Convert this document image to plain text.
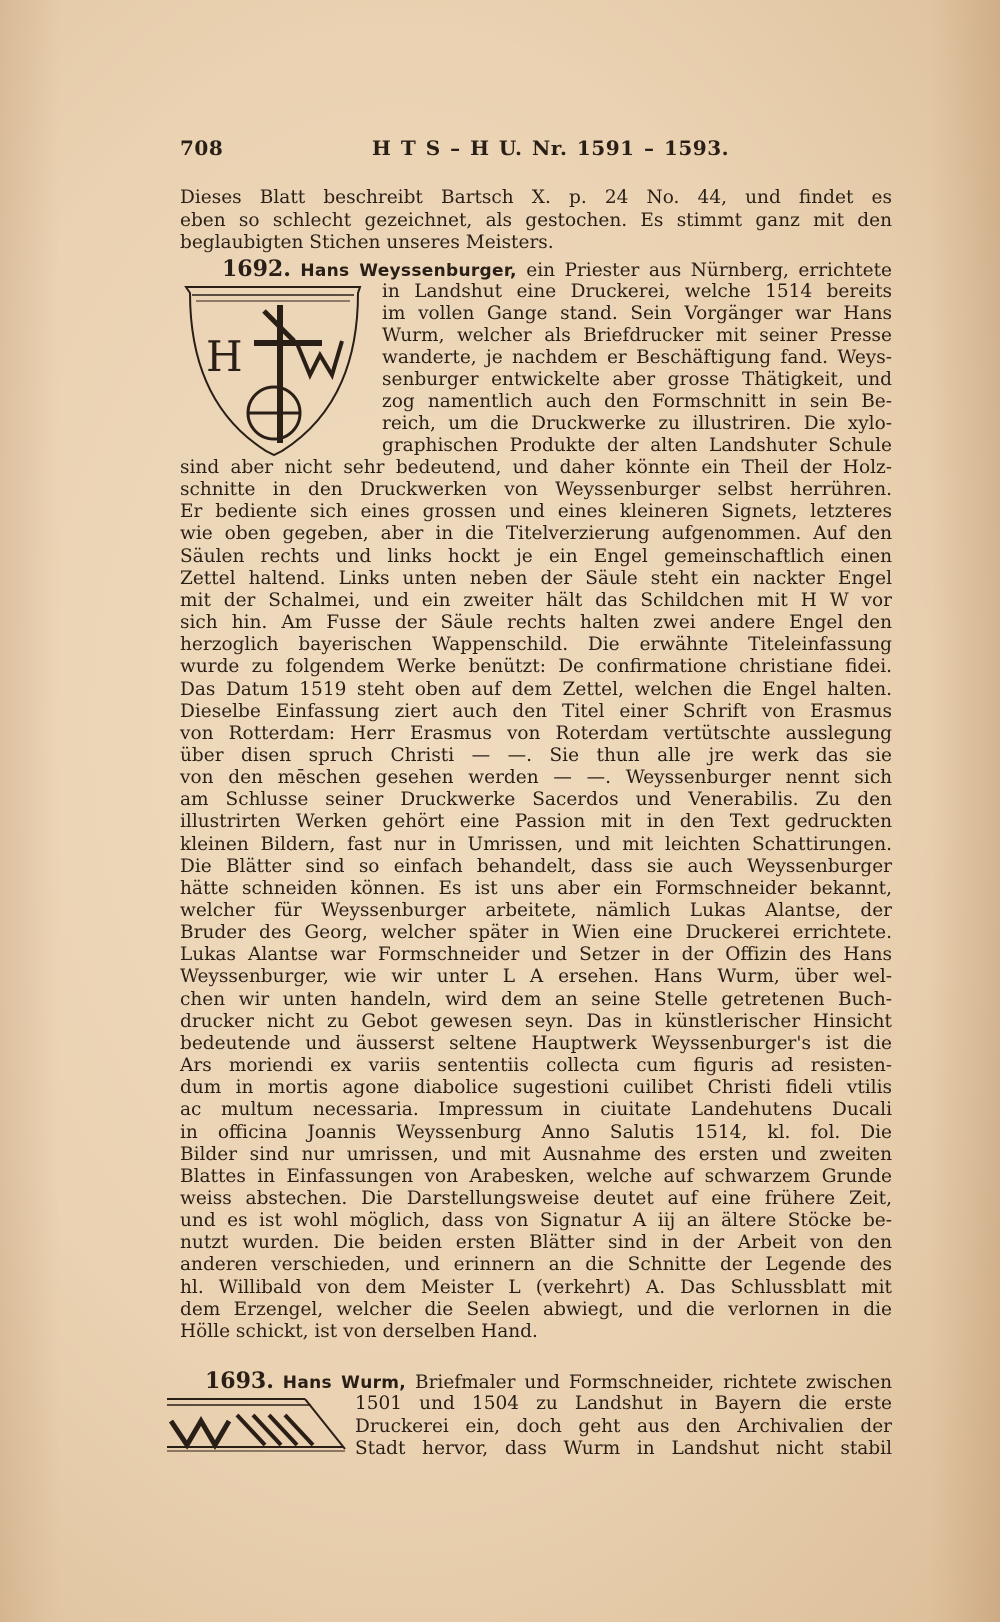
708	H T S – H U. Nr. 1591 – 1593.
Dieses Blatt beschreibt Bartsch X. p. 24 No. 44, und findet es
eben so schlecht gezeichnet, als gestochen. Es stimmt ganz mit den
beglaubigten Stichen unseres Meisters.
1692. Hans Weyssenburger, ein Priester aus Nürnberg, errichtete
H
in Landshut eine Druckerei, welche 1514 bereits
im vollen Gange stand. Sein Vorgänger war Hans
Wurm, welcher als Briefdrucker mit seiner Presse
wanderte, je nachdem er Beschäftigung fand. Weys-
senburger entwickelte aber grosse Thätigkeit, und
zog namentlich auch den Formschnitt in sein Be-
reich, um die Druckwerke zu illustriren. Die xylo-
graphischen Produkte der alten Landshuter Schule
sind aber nicht sehr bedeutend, und daher könnte ein Theil der Holz-
schnitte in den Druckwerken von Weyssenburger selbst herrühren.
Er bediente sich eines grossen und eines kleineren Signets, letzteres
wie oben gegeben, aber in die Titelverzierung aufgenommen. Auf den
Säulen rechts und links hockt je ein Engel gemeinschaftlich einen
Zettel haltend. Links unten neben der Säule steht ein nackter Engel
mit der Schalmei, und ein zweiter hält das Schildchen mit H W vor
sich hin. Am Fusse der Säule rechts halten zwei andere Engel den
herzoglich bayerischen Wappenschild. Die erwähnte Titeleinfassung
wurde zu folgendem Werke benützt: De confirmatione christiane fidei.
Das Datum 1519 steht oben auf dem Zettel, welchen die Engel halten.
Dieselbe Einfassung ziert auch den Titel einer Schrift von Erasmus
von Rotterdam: Herr Erasmus von Roterdam vertütschte ausslegung
über disen spruch Christi — —. Sie thun alle jre werk das sie
von den mēschen gesehen werden — —. Weyssenburger nennt sich
am Schlusse seiner Druckwerke Sacerdos und Venerabilis. Zu den
illustrirten Werken gehört eine Passion mit in den Text gedruckten
kleinen Bildern, fast nur in Umrissen, und mit leichten Schattirungen.
Die Blätter sind so einfach behandelt, dass sie auch Weyssenburger
hätte schneiden können. Es ist uns aber ein Formschneider bekannt,
welcher für Weyssenburger arbeitete, nämlich Lukas Alantse, der
Bruder des Georg, welcher später in Wien eine Druckerei errichtete.
Lukas Alantse war Formschneider und Setzer in der Offizin des Hans
Weyssenburger, wie wir unter L A ersehen. Hans Wurm, über wel-
chen wir unten handeln, wird dem an seine Stelle getretenen Buch-
drucker nicht zu Gebot gewesen seyn. Das in künstlerischer Hinsicht
bedeutende und äusserst seltene Hauptwerk Weyssenburger's ist die
Ars moriendi ex variis sententiis collecta cum figuris ad resisten-
dum in mortis agone diabolice sugestioni cuilibet Christi fideli vtilis
ac multum necessaria. Impressum in ciuitate Landehutens Ducali
in officina Joannis Weyssenburg Anno Salutis 1514, kl. fol. Die
Bilder sind nur umrissen, und mit Ausnahme des ersten und zweiten
Blattes in Einfassungen von Arabesken, welche auf schwarzem Grunde
weiss abstechen. Die Darstellungsweise deutet auf eine frühere Zeit,
und es ist wohl möglich, dass von Signatur A iij an ältere Stöcke be-
nutzt wurden. Die beiden ersten Blätter sind in der Arbeit von den
anderen verschieden, und erinnern an die Schnitte der Legende des
hl. Willibald von dem Meister L (verkehrt) A. Das Schlussblatt mit
dem Erzengel, welcher die Seelen abwiegt, und die verlornen in die
Hölle schickt, ist von derselben Hand.
1693. Hans Wurm, Briefmaler und Formschneider, richtete zwischen
1501 und 1504 zu Landshut in Bayern die erste
Druckerei ein, doch geht aus den Archivalien der
Stadt hervor, dass Wurm in Landshut nicht stabil
